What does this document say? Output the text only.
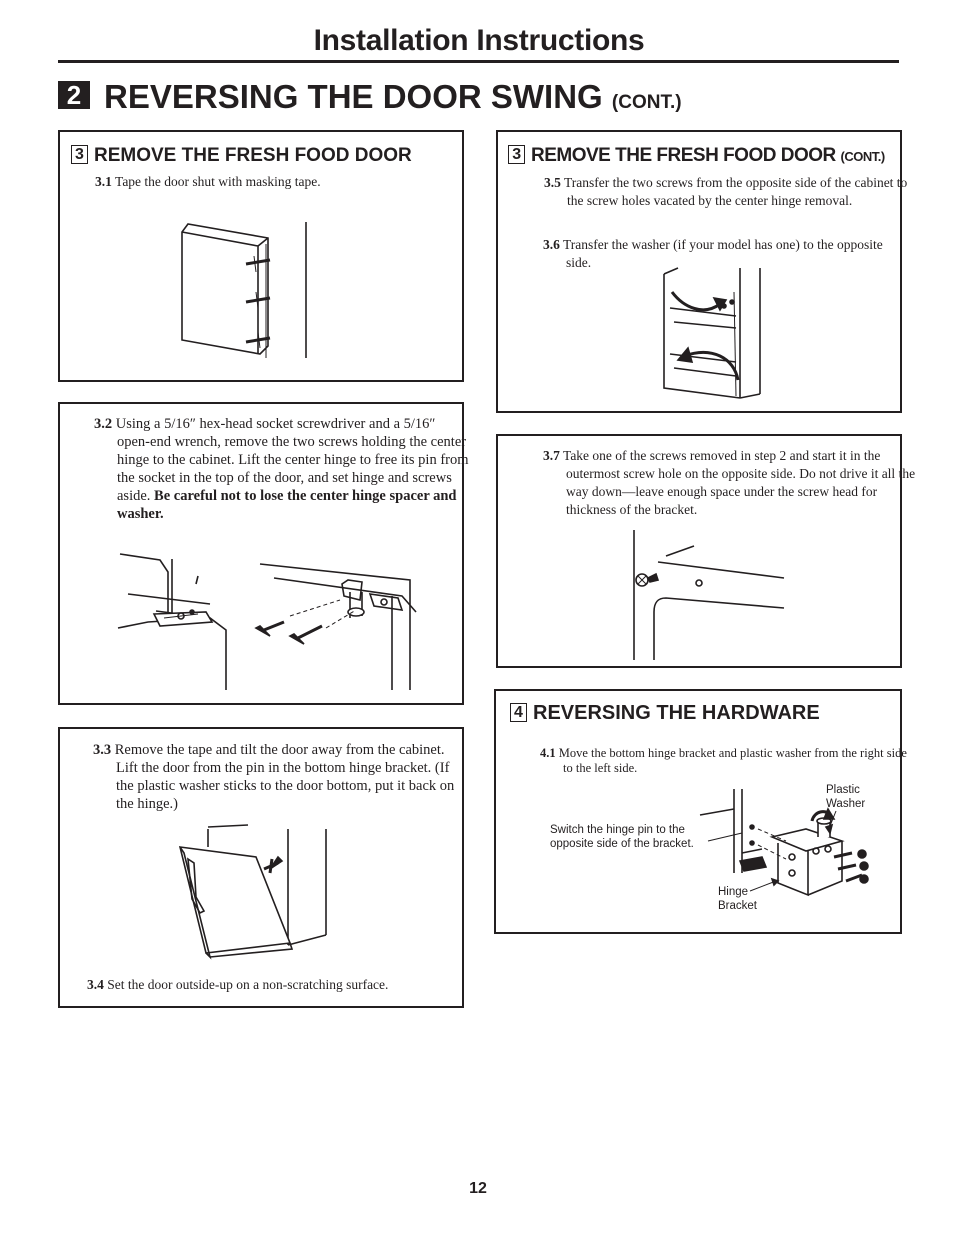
Installation Instructions
2 REVERSING THE DOOR SWING (CONT.)
3 REMOVE THE FRESH FOOD DOOR
3.1 Tape the door shut with masking tape.
3.2 Using a 5/16″ hex-head socket screwdriver and a 5/16″ open-end wrench, remove the two screws holding the center hinge to the cabinet. Lift the center hinge to free its pin from the socket in the top of the door, and set hinge and screws aside. Be careful not to lose the center hinge spacer and washer.
3.3 Remove the tape and tilt the door away from the cabinet. Lift the door from the pin in the bottom hinge bracket. (If the plastic washer sticks to the door bottom, put it back on the hinge.)
3.4 Set the door outside-up on a non-scratching surface.
3 REMOVE THE FRESH FOOD DOOR (CONT.)
3.5 Transfer the two screws from the opposite side of the cabinet to the screw holes vacated by the center hinge removal.
3.6 Transfer the washer (if your model has one) to the opposite side.
3.7 Take one of the screws removed in step 2 and start it in the outermost screw hole on the opposite side. Do not drive it all the way down—leave enough space under the screw head for thickness of the bracket.
4 REVERSING THE HARDWARE
4.1 Move the bottom hinge bracket and plastic washer from the right side to the left side.
Plastic Washer
Switch the hinge pin to the opposite side of the bracket.
Hinge Bracket
12
